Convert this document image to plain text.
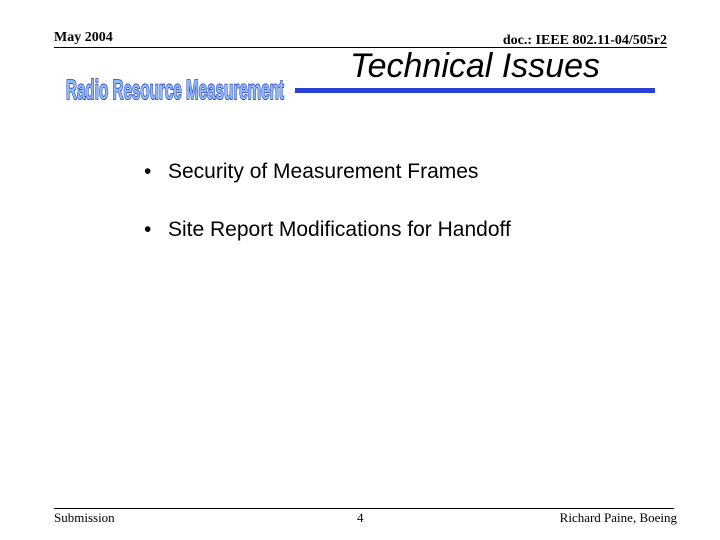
May 2004	doc.: IEEE 802.11-04/505r2
Radio Resource Measurement
Technical Issues
• Security of Measurement Frames
• Site Report Modifications for Handoff
Submission	4	Richard Paine, Boeing
